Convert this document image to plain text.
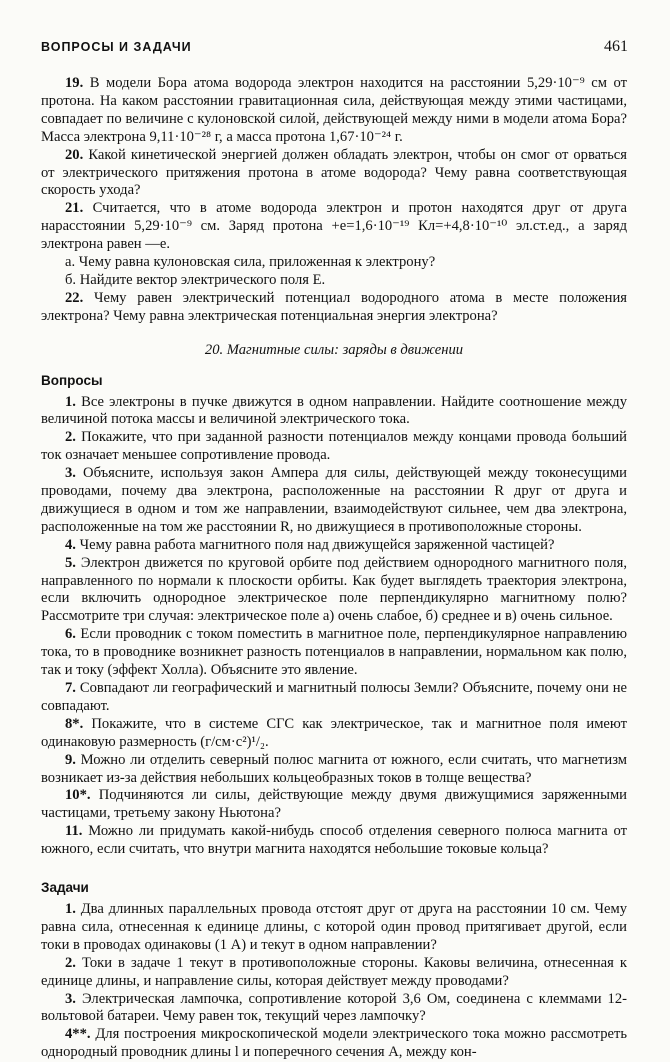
ВОПРОСЫ И ЗАДАЧИ	461

19. В модели Бора атома водорода электрон находится на расстоянии 5,29·10⁻⁹ см от протона. На каком расстоянии гравитационная сила, действующая между этими частицами, совпадает по величине с кулоновской силой, действующей между ними в модели атома Бора? Масса электрона 9,11·10⁻²⁸ г, а масса протона 1,67·10⁻²⁴ г.

20. Какой кинетической энергией должен обладать электрон, чтобы он смог от орваться от электрического притяжения протона в атоме водорода? Чему равна соответствующая скорость ухода?

21. Считается, что в атоме водорода электрон и протон находятся друг от друга нарасстоянии 5,29·10⁻⁹ см. Заряд протона +e=1,6·10⁻¹⁹ Кл=+4,8·10⁻¹⁰ эл.ст.ед., а заряд электрона равен —e.

а. Чему равна кулоновская сила, приложенная к электрону?

б. Найдите вектор электрического поля E.

22. Чему равен электрический потенциал водородного атома в месте положения электрона? Чему равна электрическая потенциальная энергия электрона?

20. Магнитные силы: заряды в движении

Вопросы

1. Все электроны в пучке движутся в одном направлении. Найдите соотношение между величиной потока массы и величиной электрического тока.

2. Покажите, что при заданной разности потенциалов между концами провода больший ток означает меньшее сопротивление провода.

3. Объясните, используя закон Ампера для силы, действующей между токонесущими проводами, почему два электрона, расположенные на расстоянии R друг от друга и движущиеся в одном и том же направлении, взаимодействуют сильнее, чем два электрона, расположенные на том же расстоянии R, но движущиеся в противоположные стороны.

4. Чему равна работа магнитного поля над движущейся заряженной частицей?

5. Электрон движется по круговой орбите под действием однородного магнитного поля, направленного по нормали к плоскости орбиты. Как будет выглядеть траектория электрона, если включить однородное электрическое поле перпендикулярно магнитному полю? Рассмотрите три случая: электрическое поле а) очень слабое, б) среднее и в) очень сильное.

6. Если проводник с током поместить в магнитное поле, перпендикулярное направлению тока, то в проводнике возникнет разность потенциалов в направлении, нормальном как полю, так и току (эффект Холла). Объясните это явление.

7. Совпадают ли географический и магнитный полюсы Земли? Объясните, почему они не совпадают.

8*. Покажите, что в системе СГС как электрическое, так и магнитное поля имеют одинаковую размерность (г/см·с²)¹/₂.

9. Можно ли отделить северный полюс магнита от южного, если считать, что магнетизм возникает из-за действия небольших кольцеобразных токов в толще вещества?

10*. Подчиняются ли силы, действующие между двумя движущимися заряженными частицами, третьему закону Ньютона?

11. Можно ли придумать какой-нибудь способ отделения северного полюса магнита от южного, если считать, что внутри магнита находятся небольшие токовые кольца?

Задачи

1. Два длинных параллельных провода отстоят друг от друга на расстоянии 10 см. Чему равна сила, отнесенная к единице длины, с которой один провод притягивает другой, если токи в проводах одинаковы (1 А) и текут в одном направлении?

2. Токи в задаче 1 текут в противоположные стороны. Каковы величина, отнесенная к единице длины, и направление силы, которая действует между проводами?

3. Электрическая лампочка, сопротивление которой 3,6 Ом, соединена с клеммами 12-вольтовой батареи. Чему равен ток, текущий через лампочку?

4**. Для построения микроскопической модели электрического тока можно рассмотреть однородный проводник длины l и поперечного сечения A, между кон-
